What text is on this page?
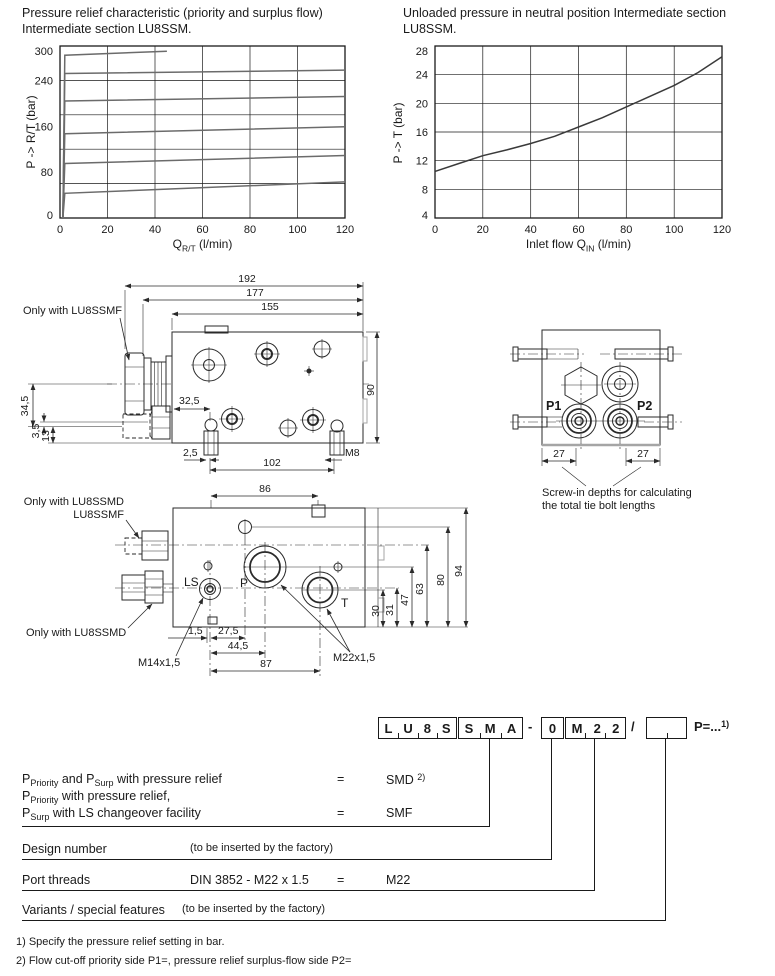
Pressure relief characteristic (priority and surplus flow)
Intermediate section LU8SSM.
Unloaded pressure in neutral position Intermediate section
LU8SSM.
0	20	40	60	80	100	120
0
80
160
240
300
0	20	40	60	80	100	120
4
8
12
16
20
24
28
P -> R/T (bar)
$Q_{R/T}$ (l/min)
P -> T (bar)
Inlet flow $Q_{IN}$ (l/min)
192
177
155
90
32,5
34,5
3,5
13
2,5
102
M8
Only with LU8SSMF
86
30 31
47
63
80
94
1,5 27,5
44,5
87
Only with LU8SSMD
LU8SSMF
Only with LU8SSMD
LS	P
T
M14x1,5	M22x1,5
P1	P2
27	27
Screw-in depths for calculating
the total tie bolt lengths
L U 8 S S M A - 0 M 2 2 /	P=...$^{1)}$
$P_{Priority}$ and $P_{Surp}$ with pressure relief	=	SMD $^{2)}$
$P_{Priority}$ with pressure relief,
$P_{Surp}$ with LS changeover facility	=	SMF
Design number	(to be inserted by the factory)
Port threads	DIN 3852 - M22 x 1.5 =	M22
Variants / special features (to be inserted by the factory)
1) Specify the pressure relief setting in bar.
2) Flow cut-off priority side P1=, pressure relief surplus-flow side P2=
